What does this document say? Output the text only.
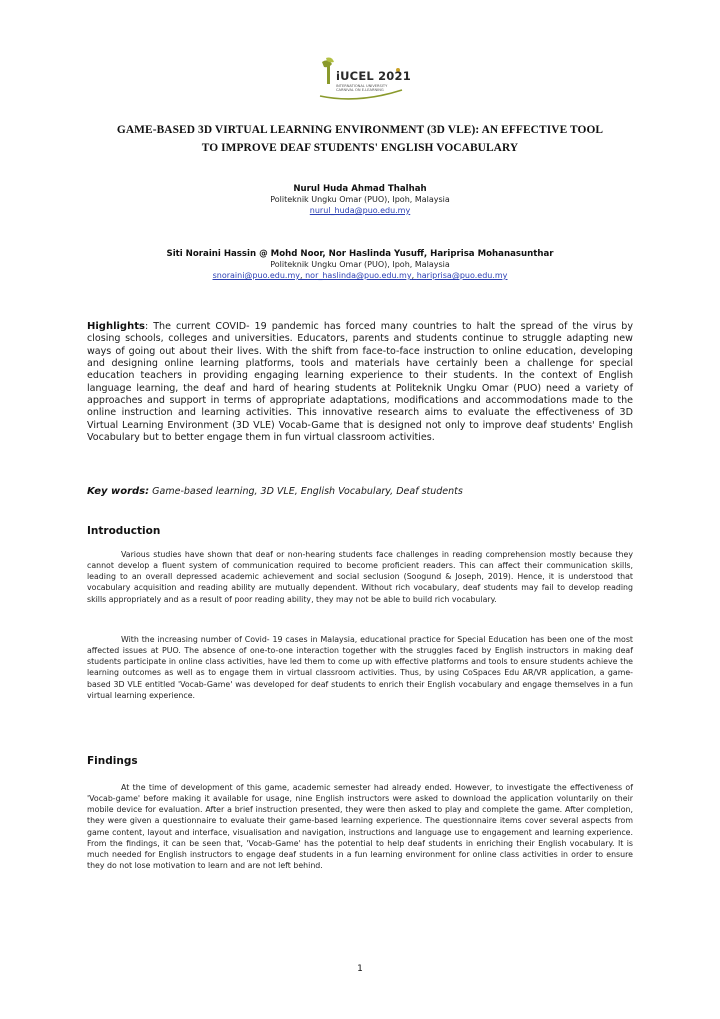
iUCEL 2021
INTERNATIONAL UNIVERSITY
CARNIVAL ON E-LEARNING
GAME-BASED 3D VIRTUAL LEARNING ENVIRONMENT (3D VLE): AN EFFECTIVE TOOL
TO IMPROVE DEAF STUDENTS' ENGLISH VOCABULARY
Nurul Huda Ahmad Thalhah
Politeknik Ungku Omar (PUO), Ipoh, Malaysia
nurul_huda@puo.edu.my
Siti Noraini Hassin @ Mohd Noor, Nor Haslinda Yusuff, Hariprisa Mohanasunthar
Politeknik Ungku Omar (PUO), Ipoh, Malaysia
snoraini@puo.edu.my, nor_haslinda@puo.edu.my, hariprisa@puo.edu.my
Highlights: The current COVID- 19 pandemic has forced many countries to halt the spread of the virus by closing schools, colleges and universities. Educators, parents and students continue to struggle adapting new ways of going out about their lives. With the shift from face-to-face instruction to online education, developing and designing online learning platforms, tools and materials have certainly been a challenge for special education teachers in providing engaging learning experience to their students. In the context of English language learning, the deaf and hard of hearing students at Politeknik Ungku Omar (PUO) need a variety of approaches and support in terms of appropriate adaptations, modifications and accommodations made to the online instruction and learning activities. This innovative research aims to evaluate the effectiveness of 3D Virtual Learning Environment (3D VLE) Vocab-Game that is designed not only to improve deaf students' English Vocabulary but to better engage them in fun virtual classroom activities.
Key words: Game-based learning, 3D VLE, English Vocabulary, Deaf students
Introduction
Various studies have shown that deaf or non-hearing students face challenges in reading comprehension mostly because they cannot develop a fluent system of communication required to become proficient readers. This can affect their communication skills, leading to an overall depressed academic achievement and social seclusion (Soogund & Joseph, 2019). Hence, it is understood that vocabulary acquisition and reading ability are mutually dependent. Without rich vocabulary, deaf students may fail to develop reading skills appropriately and as a result of poor reading ability, they may not be able to build rich vocabulary.
With the increasing number of Covid- 19 cases in Malaysia, educational practice for Special Education has been one of the most affected issues at PUO. The absence of one-to-one interaction together with the struggles faced by English instructors in making deaf students participate in online class activities, have led them to come up with effective platforms and tools to ensure students achieve the learning outcomes as well as to engage them in virtual classroom activities. Thus, by using CoSpaces Edu AR/VR application, a game-based 3D VLE entitled 'Vocab-Game' was developed for deaf students to enrich their English vocabulary and engage themselves in a fun virtual learning experience.
Findings
At the time of development of this game, academic semester had already ended. However, to investigate the effectiveness of 'Vocab-game' before making it available for usage, nine English instructors were asked to download the application voluntarily on their mobile device for evaluation. After a brief instruction presented, they were then asked to play and complete the game. After completion, they were given a questionnaire to evaluate their game-based learning experience. The questionnaire items cover several aspects from game content, layout and interface, visualisation and navigation, instructions and language use to engagement and learning experience. From the findings, it can be seen that, 'Vocab-Game' has the potential to help deaf students in enriching their English vocabulary. It is much needed for English instructors to engage deaf students in a fun learning environment for online class activities in order to ensure they do not lose motivation to learn and are not left behind.
1
